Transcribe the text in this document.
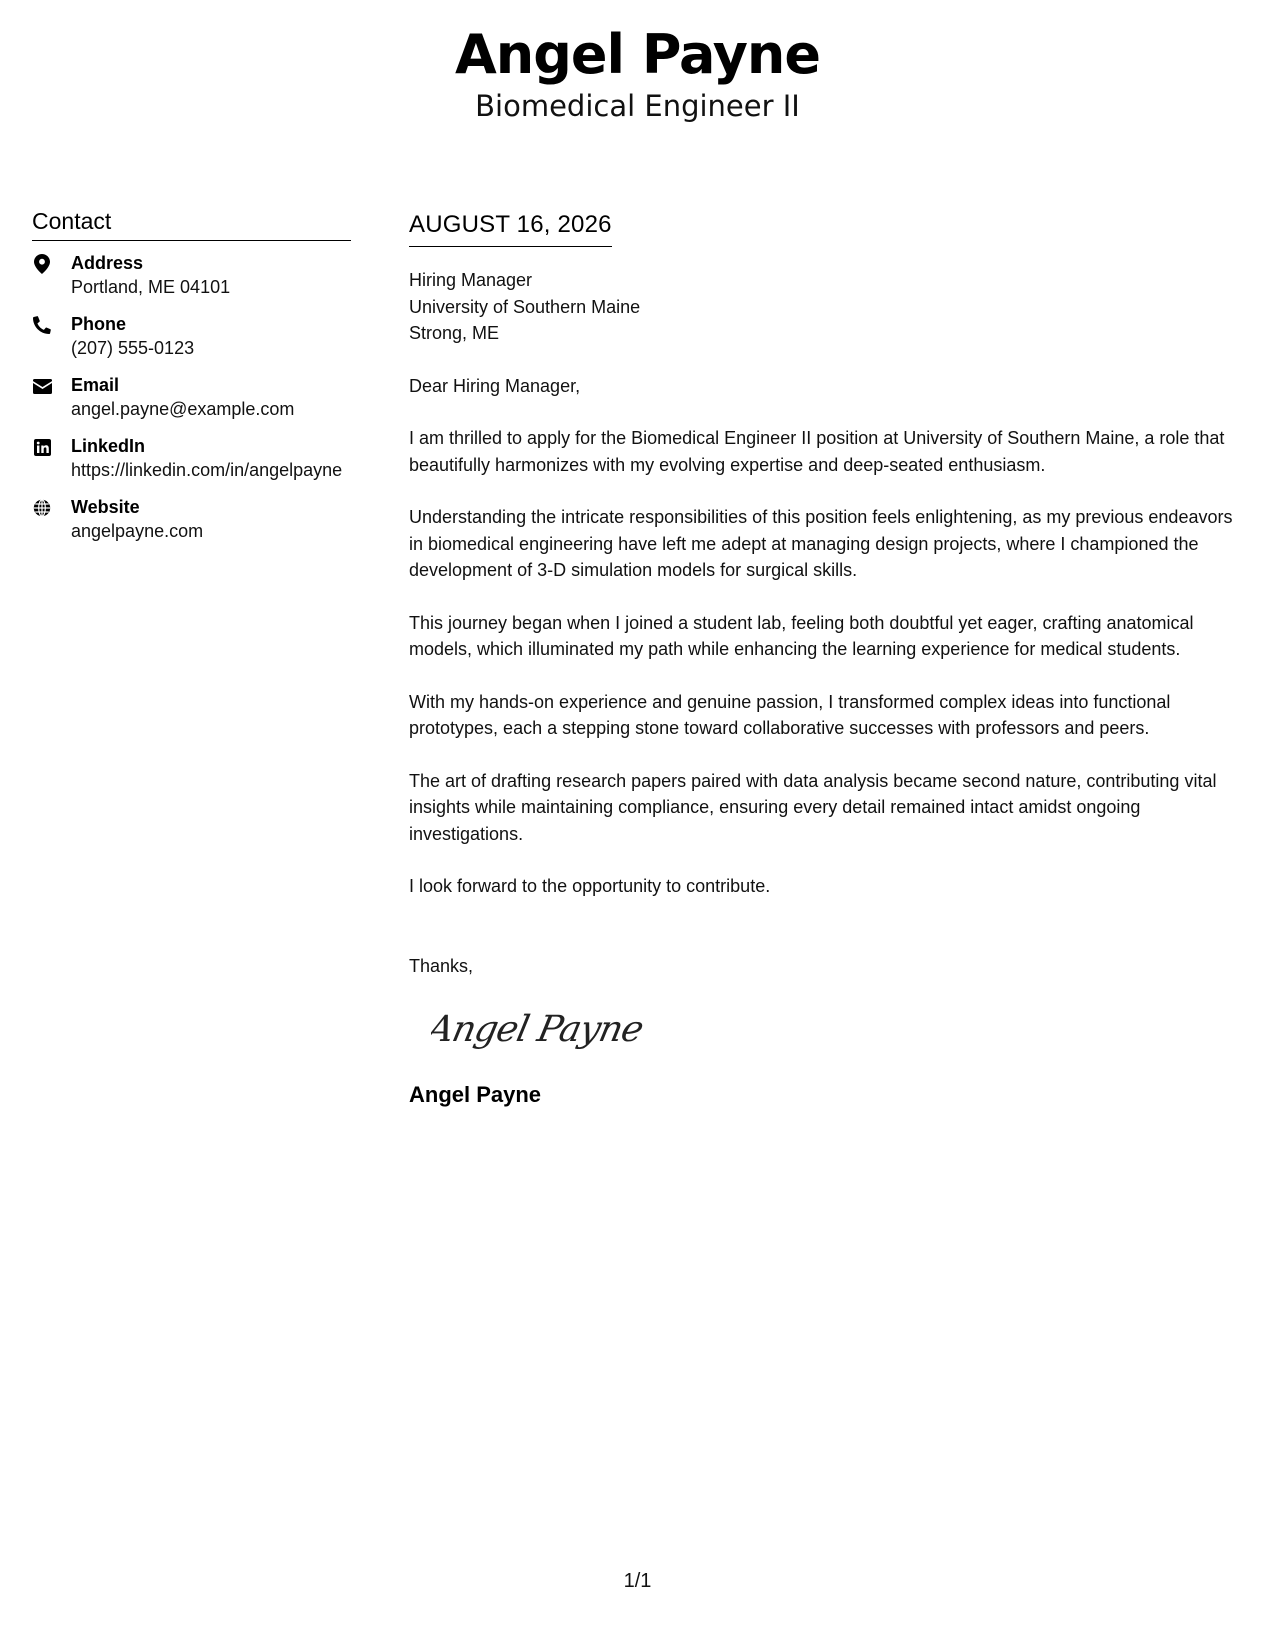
Angel Payne
Biomedical Engineer II
Contact
Address
Portland, ME 04101
Phone
(207) 555-0123
Email
angel.payne@example.com
LinkedIn
https://linkedin.com/in/angelpayne
Website
angelpayne.com
AUGUST 16, 2026
Hiring Manager
University of Southern Maine
Strong, ME
Dear Hiring Manager,
I am thrilled to apply for the Biomedical Engineer II position at University of Southern Maine, a role that beautifully harmonizes with my evolving expertise and deep-seated enthusiasm.
Understanding the intricate responsibilities of this position feels enlightening, as my previous endeavors in biomedical engineering have left me adept at managing design projects, where I championed the development of 3-D simulation models for surgical skills.
This journey began when I joined a student lab, feeling both doubtful yet eager, crafting anatomical models, which illuminated my path while enhancing the learning experience for medical students.
With my hands-on experience and genuine passion, I transformed complex ideas into functional prototypes, each a stepping stone toward collaborative successes with professors and peers.
The art of drafting research papers paired with data analysis became second nature, contributing vital insights while maintaining compliance, ensuring every detail remained intact amidst ongoing investigations.
I look forward to the opportunity to contribute.
Thanks,
Angel Payne
Angel Payne
1/1
